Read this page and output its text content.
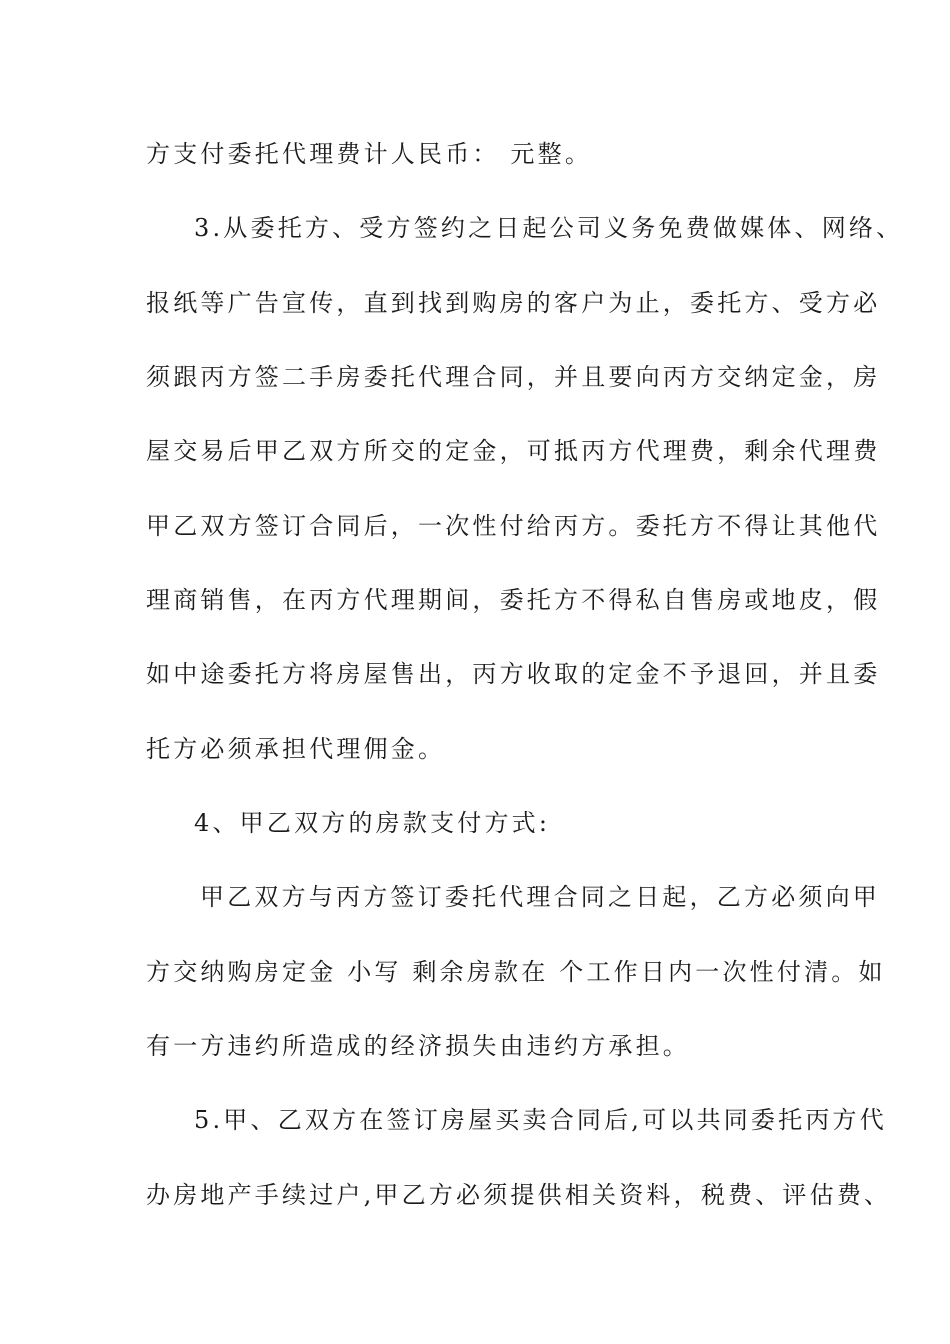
方支付委托代理费计人民币： 元整。
3.从委托方、受方签约之日起公司义务免费做媒体、网络、
报纸等广告宣传，直到找到购房的客户为止，委托方、受方必
须跟丙方签二手房委托代理合同，并且要向丙方交纳定金，房
屋交易后甲乙双方所交的定金，可抵丙方代理费，剩余代理费
甲乙双方签订合同后，一次性付给丙方。委托方不得让其他代
理商销售，在丙方代理期间，委托方不得私自售房或地皮，假
如中途委托方将房屋售出，丙方收取的定金不予退回，并且委
托方必须承担代理佣金。
4、甲乙双方的房款支付方式:
甲乙双方与丙方签订委托代理合同之日起，乙方必须向甲
方交纳购房定金 小写 剩余房款在 个工作日内一次性付清。如
有一方违约所造成的经济损失由违约方承担。
5.甲、乙双方在签订房屋买卖合同后,可以共同委托丙方代
办房地产手续过户,甲乙方必须提供相关资料，税费、评估费、
